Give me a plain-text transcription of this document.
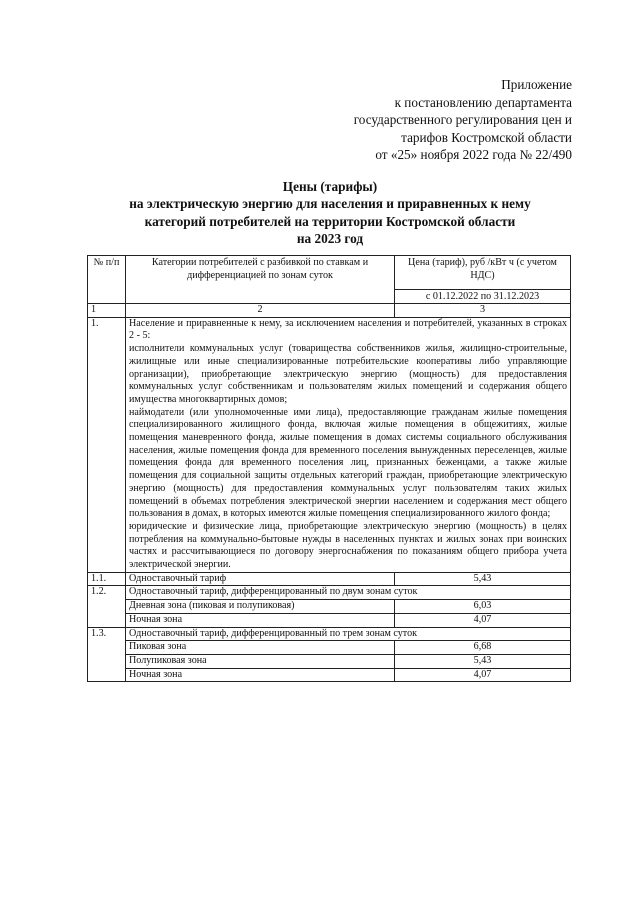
Приложение
к постановлению департамента
государственного регулирования цен и
тарифов Костромской области
от «25» ноября 2022 года № 22/490
Цены (тарифы)
на электрическую энергию для населения и приравненных к нему
категорий потребителей на территории Костромской области
на 2023 год
№ п/п	Категории потребителей с разбивкой по ставкам и дифференциацией по зонам суток	Цена (тариф), руб /кВт ч (с учетом НДС)
		с 01.12.2022 по 31.12.2023
1	2	3
1.	Население и приравненные к нему, за исключением населения и потребителей, указанных в строках 2 - 5:

исполнители коммунальных услуг (товарищества собственников жилья, жилищно-строительные, жилищные или иные специализированные потребительские кооперативы либо управляющие организации), приобретающие электрическую энергию (мощность) для предоставления коммунальных услуг собственникам и пользователям жилых помещений и содержания общего имущества многоквартирных домов;

наймодатели (или уполномоченные ими лица), предоставляющие гражданам жилые помещения специализированного жилищного фонда, включая жилые помещения в общежитиях, жилые помещения маневренного фонда, жилые помещения в домах системы социального обслуживания населения, жилые помещения фонда для временного поселения вынужденных переселенцев, жилые помещения фонда для временного поселения лиц, признанных беженцами, а также жилые помещения для социальной защиты отдельных категорий граждан, приобретающие электрическую энергию (мощность) для предоставления коммунальных услуг пользователям таких жилых помещений в объемах потребления электрической энергии населением и содержания мест общего пользования в домах, в которых имеются жилые помещения специализированного жилого фонда;

юридические и физические лица, приобретающие электрическую энергию (мощность) в целях потребления на коммунально-бытовые нужды в населенных пунктах и жилых зонах при воинских частях и рассчитывающиеся по договору энергоснабжения по показаниям общего прибора учета электрической энергии.	

1.1.	Одноставочный тариф	5,43
1.2.	Одноставочный тариф, дифференцированный по двум зонам суток	
	Дневная зона (пиковая и полупиковая)	6,03
	Ночная зона	4,07
1.3.	Одноставочный тариф, дифференцированный по трем зонам суток	
	Пиковая зона	6,68
	Полупиковая зона	5,43
	Ночная зона	4,07
